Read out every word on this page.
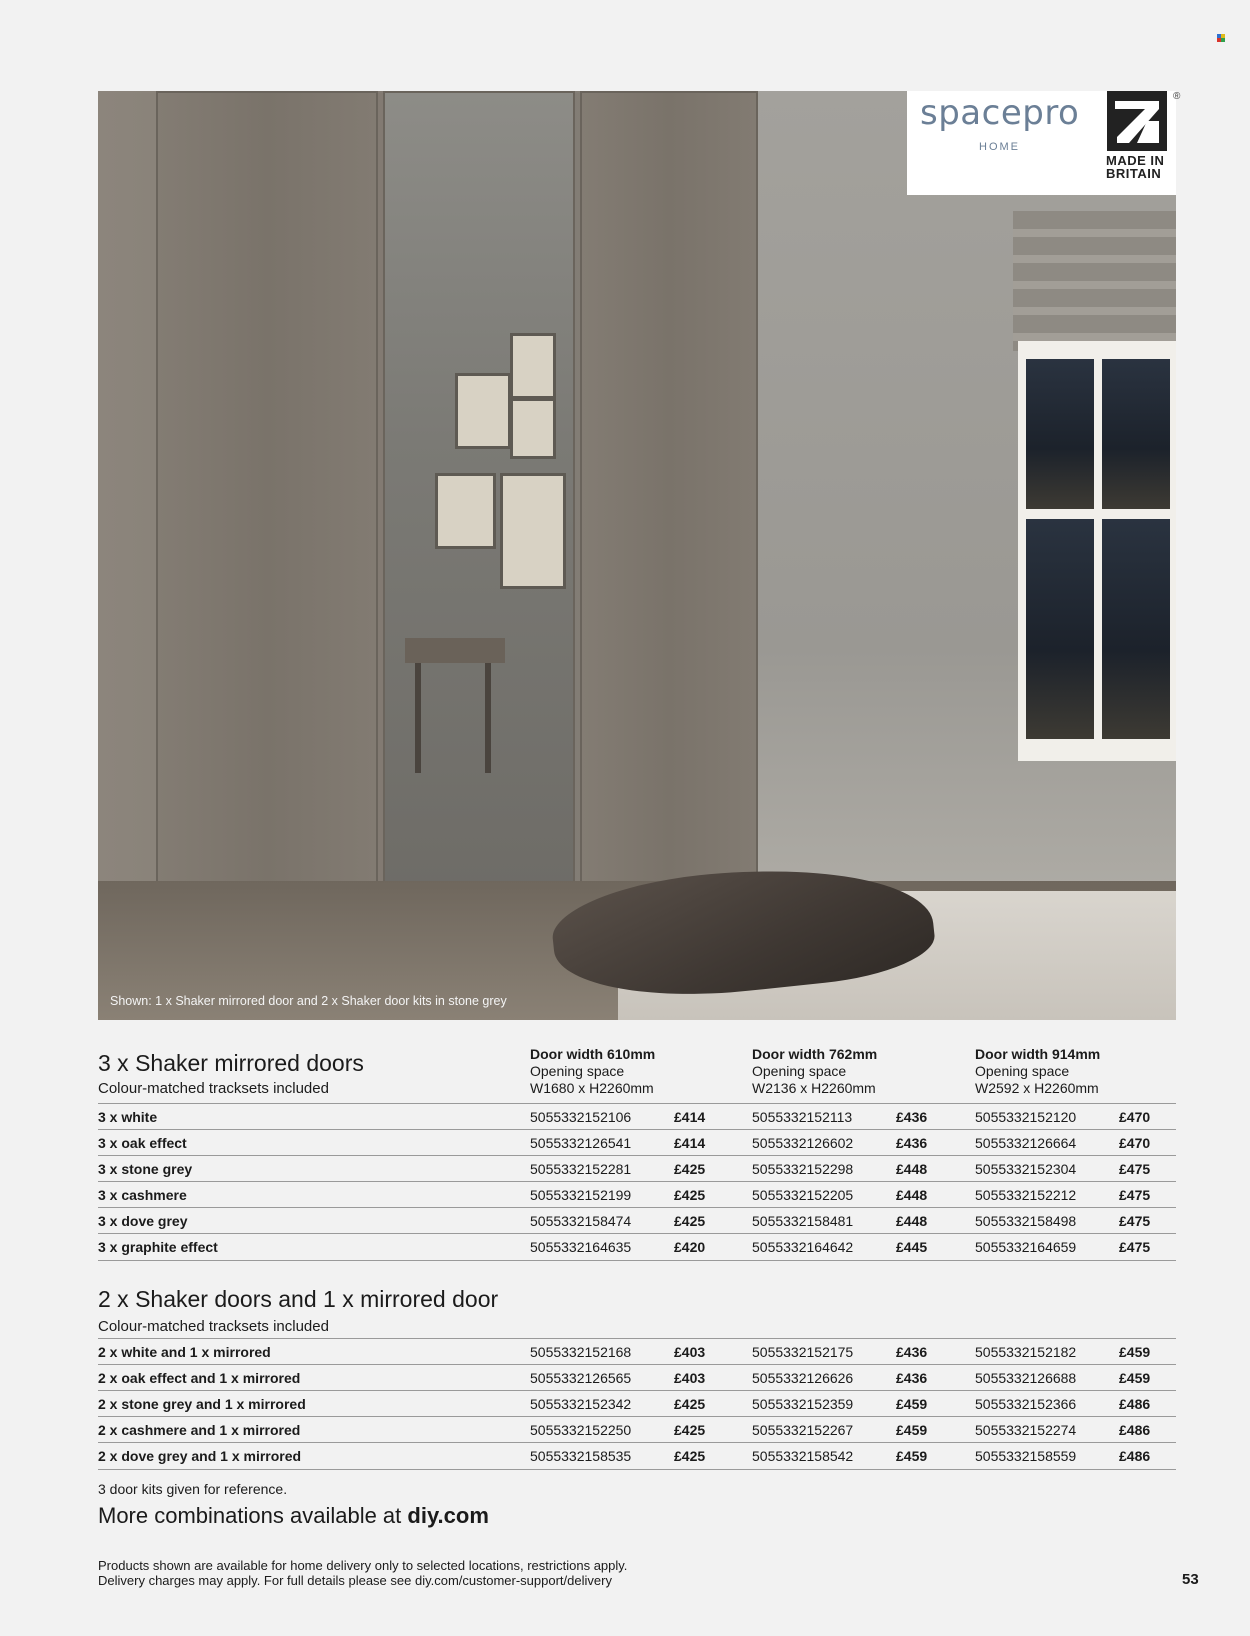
Shown: 1 x Shaker mirrored door and 2 x Shaker door kits in stone grey
spacepro
HOME
®
MADE IN
BRITAIN
3 x Shaker mirrored doors
Colour-matched tracksets included
Door width 610mm
Opening space
W1680 x H2260mm
Door width 762mm
Opening space
W2136 x H2260mm
Door width 914mm
Opening space
W2592 x H2260mm
3 x white	5055332152106	£414	5055332152113	£436	5055332152120	£470
3 x oak effect	5055332126541	£414	5055332126602	£436	5055332126664	£470
3 x stone grey	5055332152281	£425	5055332152298	£448	5055332152304	£475
3 x cashmere	5055332152199	£425	5055332152205	£448	5055332152212	£475
3 x dove grey	5055332158474	£425	5055332158481	£448	5055332158498	£475
3 x graphite effect	5055332164635	£420	5055332164642	£445	5055332164659	£475
2 x Shaker doors and 1 x mirrored door
Colour-matched tracksets included
2 x white and 1 x mirrored	5055332152168	£403	5055332152175	£436	5055332152182	£459
2 x oak effect and 1 x mirrored	5055332126565	£403	5055332126626	£436	5055332126688	£459
2 x stone grey and 1 x mirrored	5055332152342	£425	5055332152359	£459	5055332152366	£486
2 x cashmere and 1 x mirrored	5055332152250	£425	5055332152267	£459	5055332152274	£486
2 x dove grey and 1 x mirrored	5055332158535	£425	5055332158542	£459	5055332158559	£486
3 door kits given for reference.
More combinations available at diy.com
Products shown are available for home delivery only to selected locations, restrictions apply.
Delivery charges may apply. For full details please see diy.com/customer-support/delivery	53
